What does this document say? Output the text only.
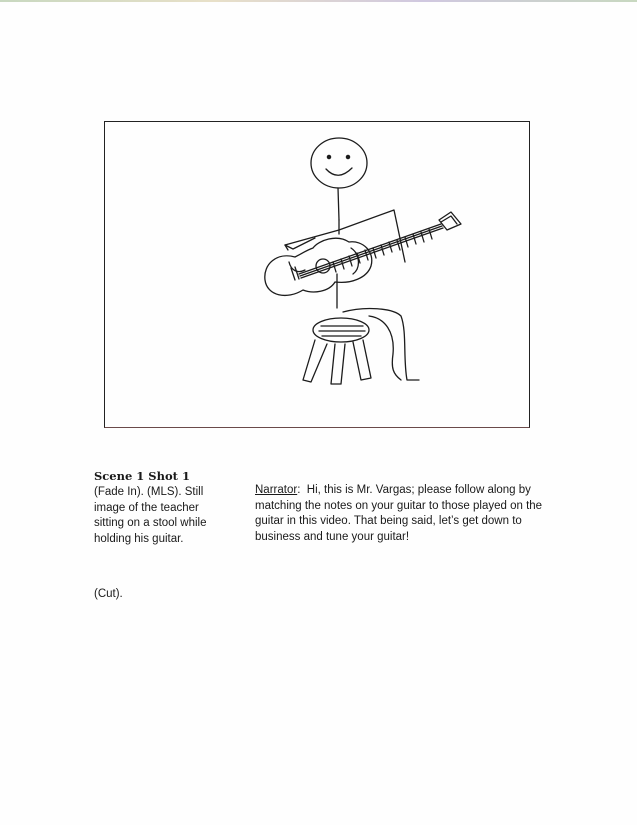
Scene 1 Shot 1
(Fade In). (MLS). Still
image of the teacher
sitting on a stool while
holding his guitar.
Narrator:  Hi, this is Mr. Vargas; please follow along by matching the notes on your guitar to those played on the guitar in this video. That being said, let’s get down to business and tune your guitar!
(Cut).
